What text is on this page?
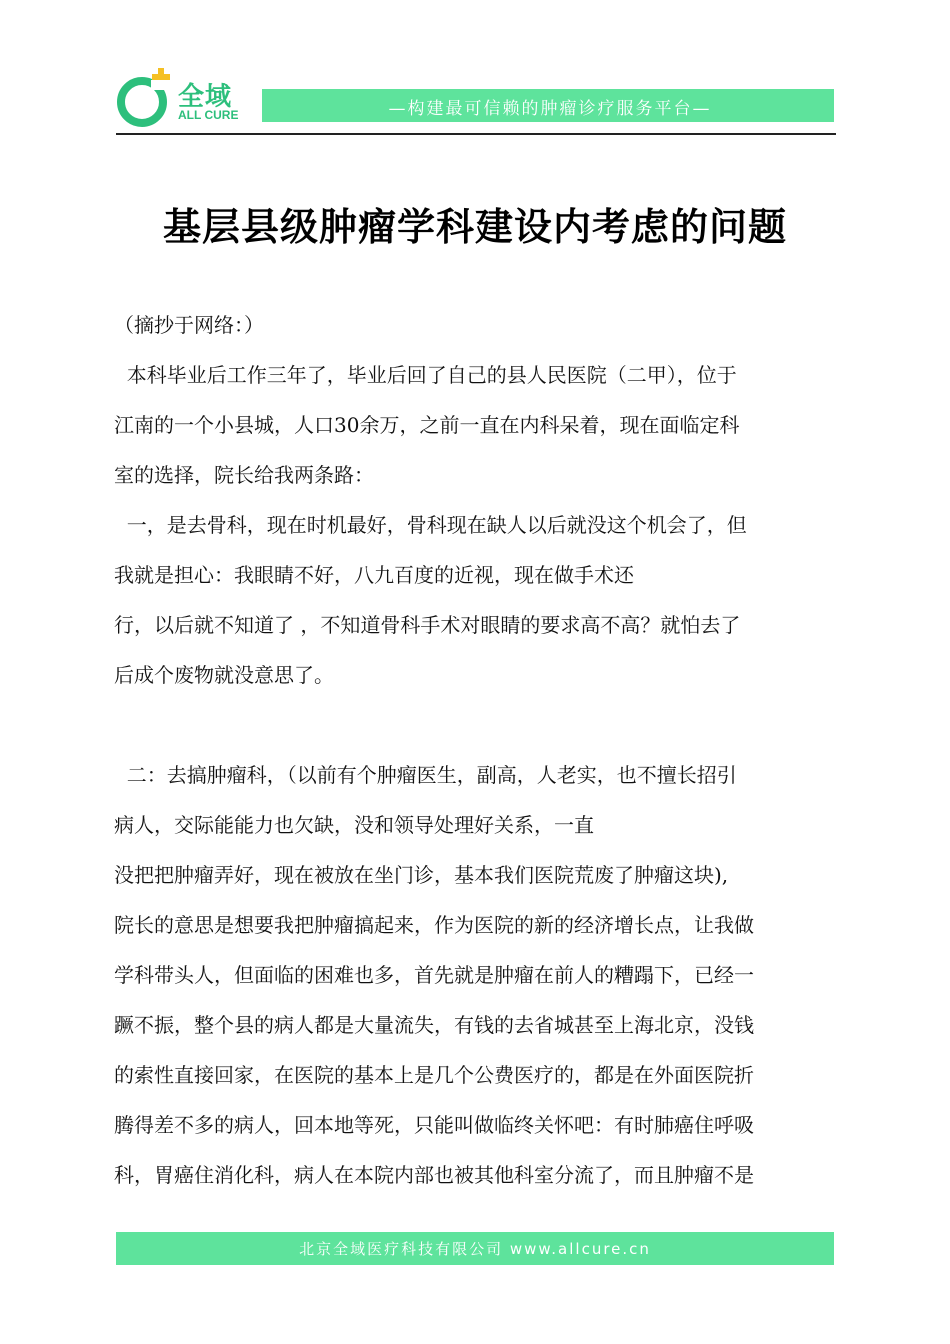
全域
ALL CURE	—构建最可信赖的肿瘤诊疗服务平台—
基层县级肿瘤学科建设内考虑的问题

（摘抄于网络：）

本科毕业后工作三年了，毕业后回了自己的县人民医院（二甲），位于

江南的一个小县城，人口30余万，之前一直在内科呆着，现在面临定科

室的选择，院长给我两条路：

一，是去骨科，现在时机最好，骨科现在缺人以后就没这个机会了，但

我就是担心：我眼睛不好，八九百度的近视，现在做手术还

行，以后就不知道了 ，不知道骨科手术对眼睛的要求高不高？就怕去了

后成个废物就没意思了。

二：去搞肿瘤科，（以前有个肿瘤医生，副高，人老实，也不擅长招引

病人，交际能能力也欠缺，没和领导处理好关系，一直

没把把肿瘤弄好，现在被放在坐门诊，基本我们医院荒废了肿瘤这块),

院长的意思是想要我把肿瘤搞起来，作为医院的新的经济增长点，让我做

学科带头人，但面临的困难也多，首先就是肿瘤在前人的糟蹋下，已经一

蹶不振，整个县的病人都是大量流失，有钱的去省城甚至上海北京，没钱

的索性直接回家，在医院的基本上是几个公费医疗的，都是在外面医院折

腾得差不多的病人，回本地等死，只能叫做临终关怀吧：有时肺癌住呼吸

科，胃癌住消化科，病人在本院内部也被其他科室分流了，而且肿瘤不是

北京全域医疗科技有限公司 www.allcure.cn
